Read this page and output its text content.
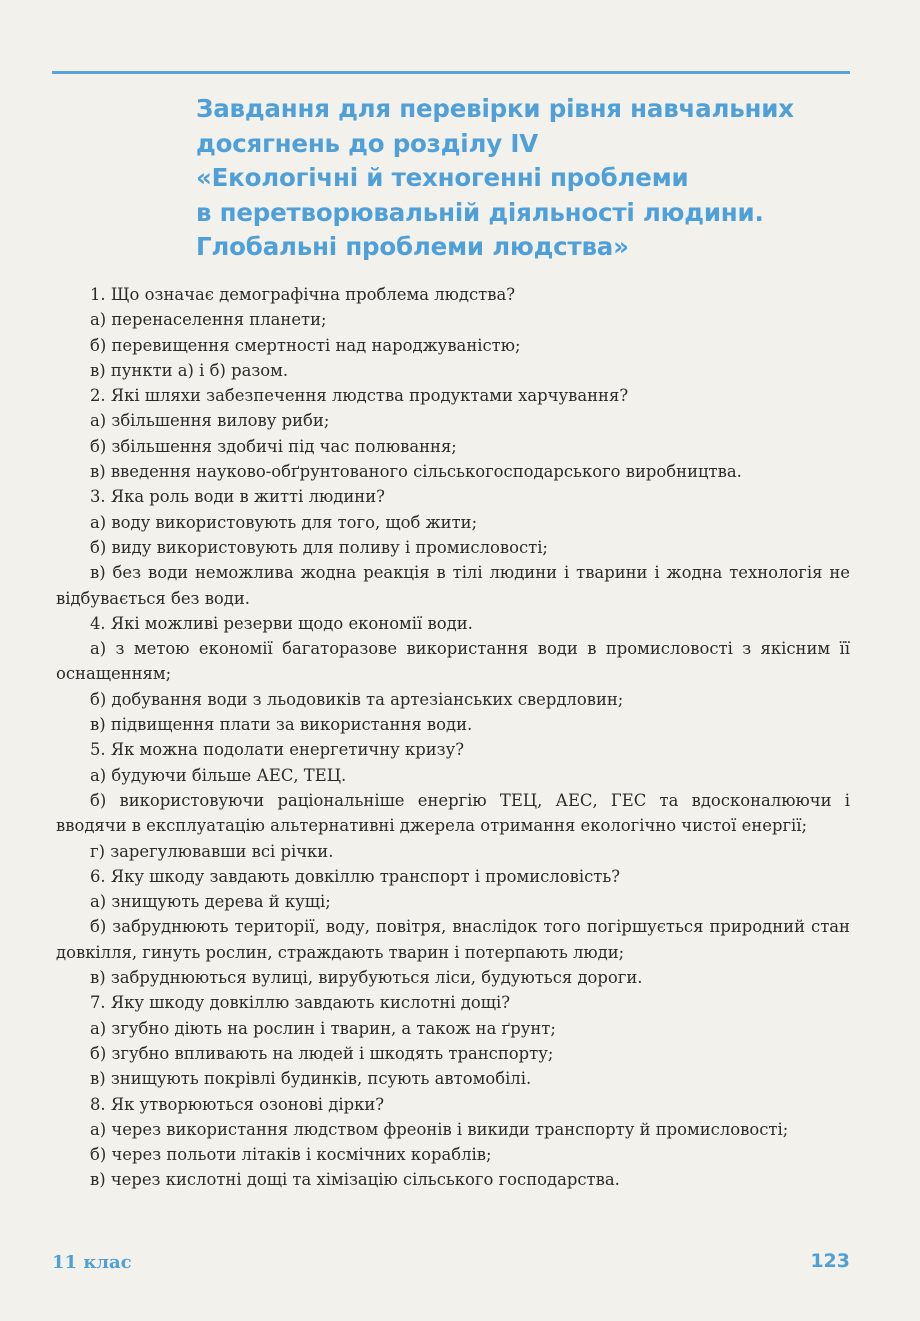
Завдання для перевірки рівня навчальних
досягнень до розділу IV
«Екологічні й техногенні проблеми
в перетворювальній діяльності людини.
Глобальні проблеми людства»

1. Що означає демографічна проблема людства?

а) перенаселення планети;

б) перевищення смертності над народжуваністю;

в) пункти а) і б) разом.

2. Які шляхи забезпечення людства продуктами харчування?

а) збільшення вилову риби;

б) збільшення здобичі під час полювання;

в) введення науково-обґрунтованого сільськогосподарського виробництва.

3. Яка роль води в житті людини?

а) воду використовують для того, щоб жити;

б) виду використовують для поливу і промисловості;

в) без води неможлива жодна реакція в тілі людини і тварини і жодна технологія не відбувається без води.

4. Які можливі резерви щодо економії води.

а) з метою економії багаторазове використання води в промисловості з якісним її оснащенням;

б) добування води з льодовиків та артезіанських свердловин;

в) підвищення плати за використання води.

5. Як можна подолати енергетичну кризу?

а) будуючи більше АЕС, ТЕЦ.

б) використовуючи раціональніше енергію ТЕЦ, АЕС, ГЕС та вдосконалюючи і вводячи в експлуатацію альтернативні джерела отримання екологічно чистої енергії;

г) зарегулювавши всі річки.

6. Яку шкоду завдають довкіллю транспорт і промисловість?

а) знищують дерева й кущі;

б) забруднюють території, воду, повітря, внаслідок того погіршується природний стан довкілля, гинуть рослин, страждають тварин і потерпають люди;

в) забруднюються вулиці, вирубуються ліси, будуються дороги.

7. Яку шкоду довкіллю завдають кислотні дощі?

а) згубно діють на рослин і тварин, а також на ґрунт;

б) згубно впливають на людей і шкодять транспорту;

в) знищують покрівлі будинків, псують автомобілі.

8. Як утворюються озонові дірки?

а) через використання людством фреонів і викиди транспорту й промисловості;

б) через польоти літаків і космічних кораблів;

в) через кислотні дощі та хімізацію сільського господарства.

11 клас	123
